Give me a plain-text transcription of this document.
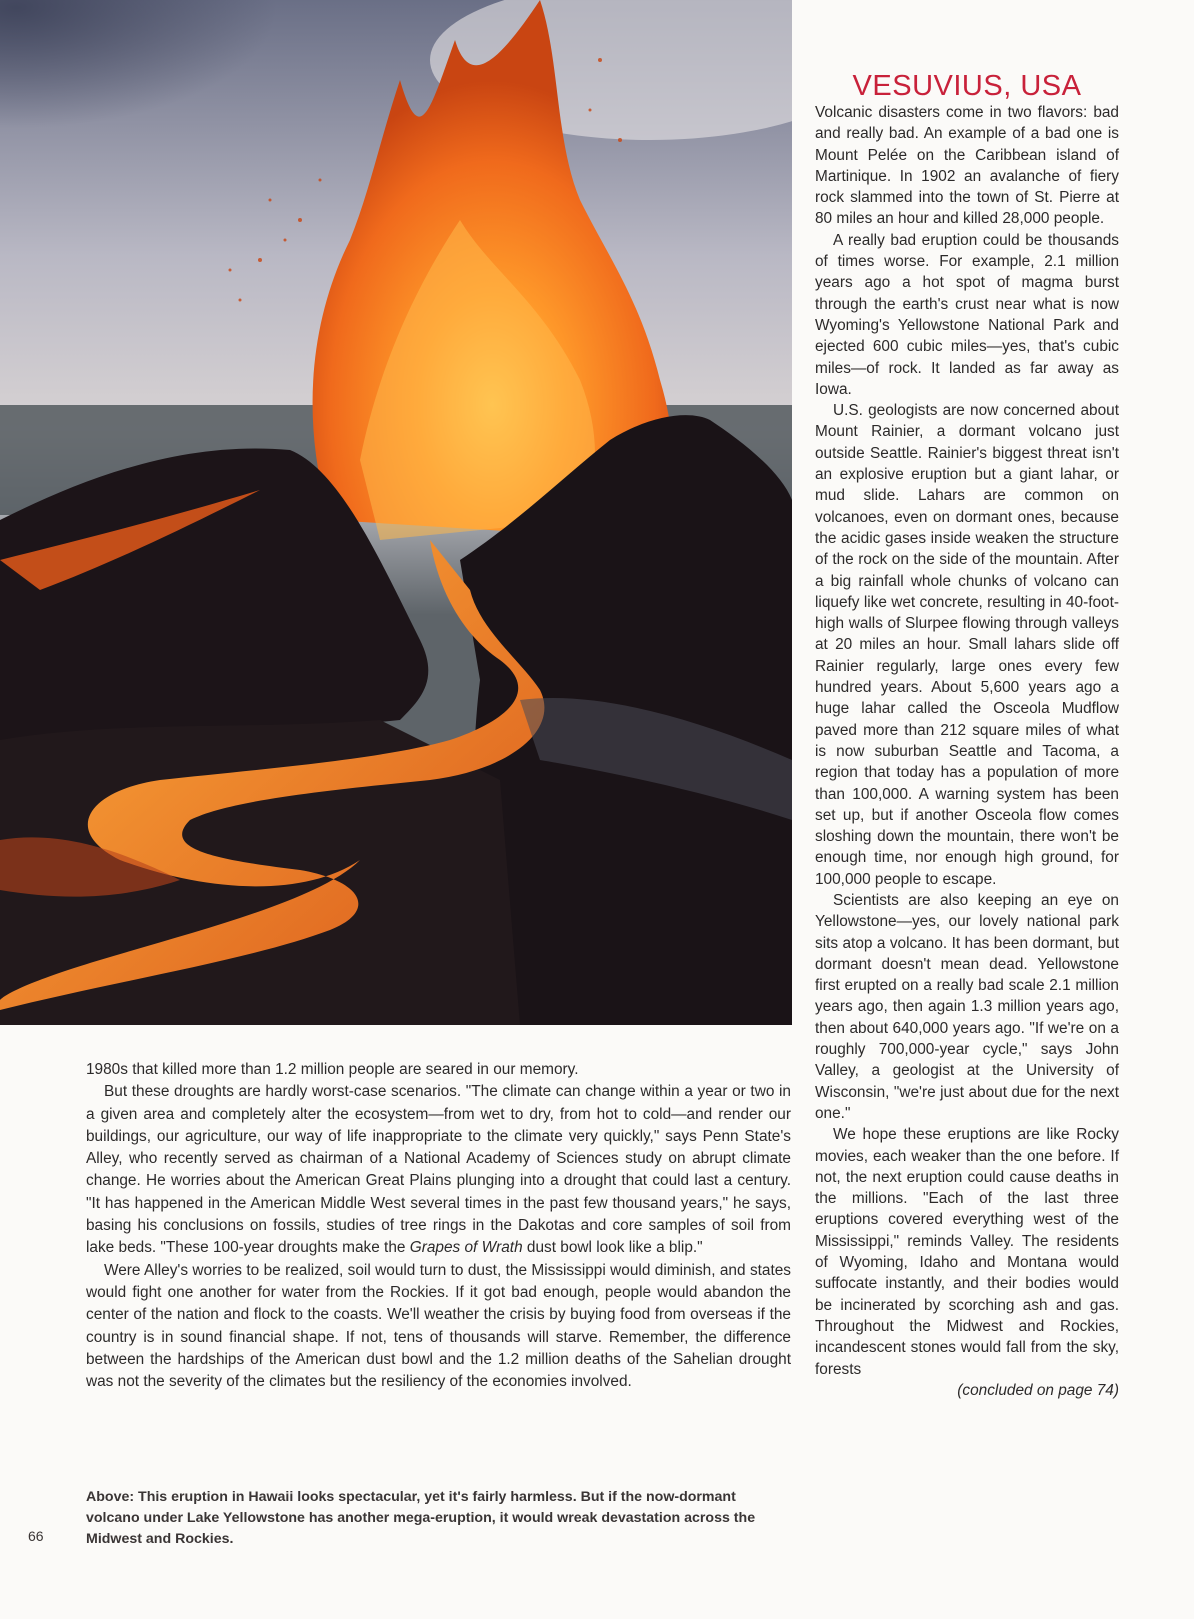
VESUVIUS, USA

Volcanic disasters come in two flavors: bad and really bad. An example of a bad one is Mount Pelée on the Caribbean island of Martinique. In 1902 an avalanche of fiery rock slammed into the town of St. Pierre at 80 miles an hour and killed 28,000 people.

A really bad eruption could be thousands of times worse. For example, 2.1 million years ago a hot spot of magma burst through the earth's crust near what is now Wyoming's Yellowstone National Park and ejected 600 cubic miles—yes, that's cubic miles—of rock. It landed as far away as Iowa.

U.S. geologists are now concerned about Mount Rainier, a dormant volcano just outside Seattle. Rainier's biggest threat isn't an explosive eruption but a giant lahar, or mud slide. Lahars are common on volcanoes, even on dormant ones, because the acidic gases inside weaken the structure of the rock on the side of the mountain. After a big rainfall whole chunks of volcano can liquefy like wet concrete, resulting in 40-foot-high walls of Slurpee flowing through valleys at 20 miles an hour. Small lahars slide off Rainier regularly, large ones every few hundred years. About 5,600 years ago a huge lahar called the Osceola Mudflow paved more than 212 square miles of what is now suburban Seattle and Tacoma, a region that today has a population of more than 100,000. A warning system has been set up, but if another Osceola flow comes sloshing down the mountain, there won't be enough time, nor enough high ground, for 100,000 people to escape.

Scientists are also keeping an eye on Yellowstone—yes, our lovely national park sits atop a volcano. It has been dormant, but dormant doesn't mean dead. Yellowstone first erupted on a really bad scale 2.1 million years ago, then again 1.3 million years ago, then about 640,000 years ago. "If we're on a roughly 700,000-year cycle," says John Valley, a geologist at the University of Wisconsin, "we're just about due for the next one."

We hope these eruptions are like Rocky movies, each weaker than the one before. If not, the next eruption could cause deaths in the millions. "Each of the last three eruptions covered everything west of the Mississippi," reminds Valley. The residents of Wyoming, Idaho and Montana would suffocate instantly, and their bodies would be incinerated by scorching ash and gas. Throughout the Midwest and Rockies, incandescent stones would fall from the sky, forests

(concluded on page 74)

1980s that killed more than 1.2 million people are seared in our memory.

But these droughts are hardly worst-case scenarios. "The climate can change within a year or two in a given area and completely alter the ecosystem—from wet to dry, from hot to cold—and render our buildings, our agriculture, our way of life inappropriate to the climate very quickly," says Penn State's Alley, who recently served as chairman of a National Academy of Sciences study on abrupt climate change. He worries about the American Great Plains plunging into a drought that could last a century. "It has happened in the American Middle West several times in the past few thousand years," he says, basing his conclusions on fossils, studies of tree rings in the Dakotas and core samples of soil from lake beds. "These 100-year droughts make the Grapes of Wrath dust bowl look like a blip."

Were Alley's worries to be realized, soil would turn to dust, the Mississippi would diminish, and states would fight one another for water from the Rockies. If it got bad enough, people would abandon the center of the nation and flock to the coasts. We'll weather the crisis by buying food from overseas if the country is in sound financial shape. If not, tens of thousands will starve. Remember, the difference between the hardships of the American dust bowl and the 1.2 million deaths of the Sahelian drought was not the severity of the climates but the resiliency of the economies involved.

Above: This eruption in Hawaii looks spectacular, yet it's fairly harmless. But if the now-dormant volcano under Lake Yellowstone has another mega-eruption, it would wreak devastation across the Midwest and Rockies.

66
